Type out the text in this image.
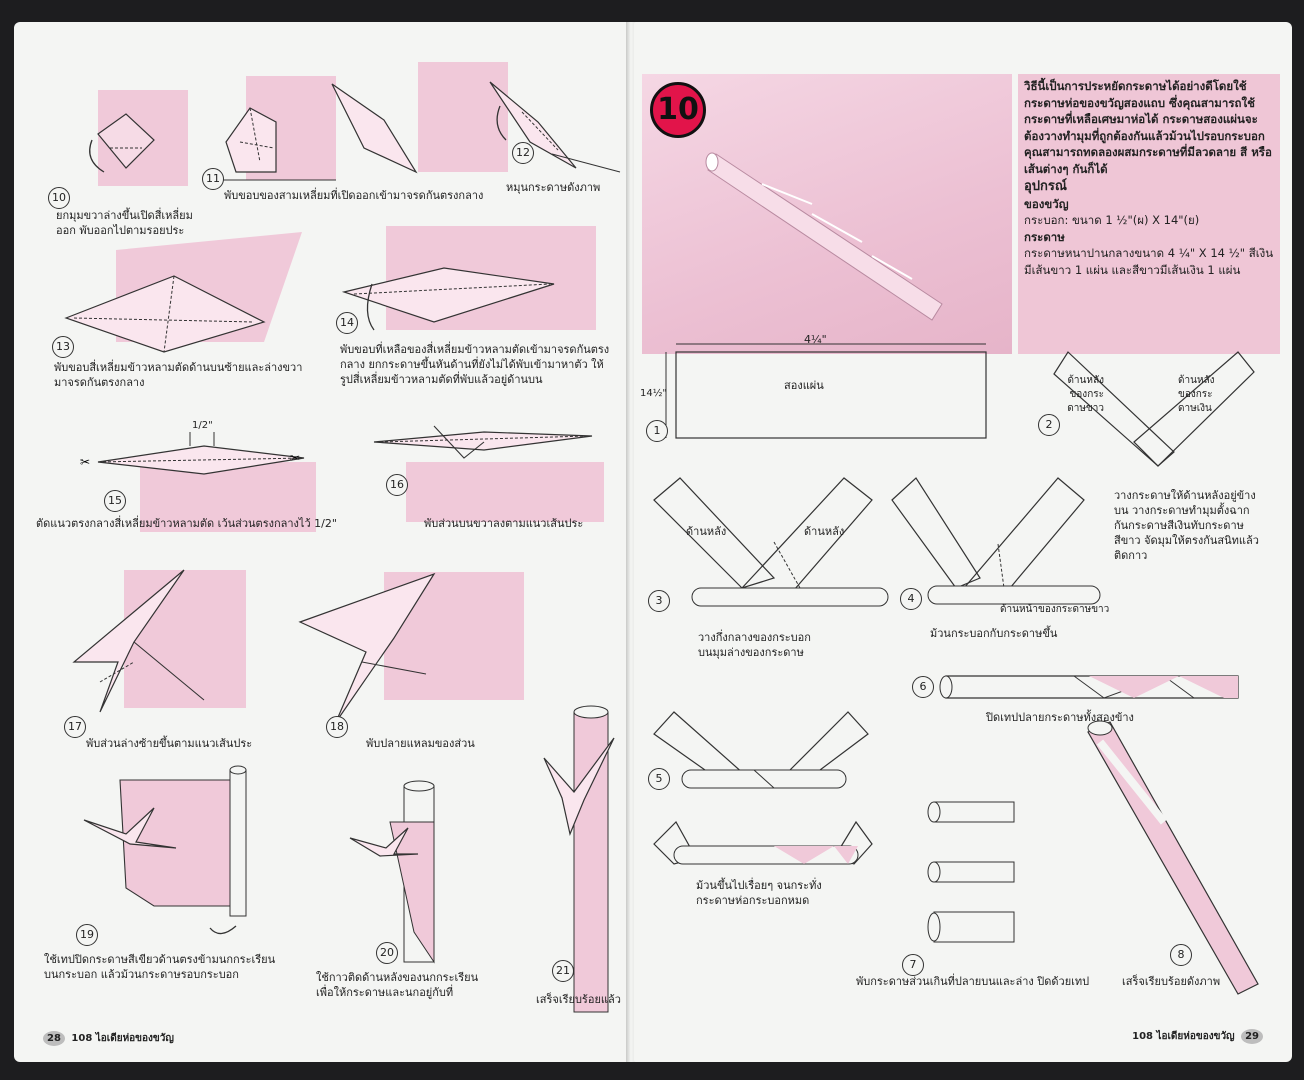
✂	✂
10
ยกมุมขวาล่างขึ้นเปิดสี่เหลี่ยม
ออก พับออกไปตามรอยประ
11
พับขอบของสามเหลี่ยมที่เปิดออกเข้ามาจรดกันตรงกลาง
12
หมุนกระดาษดังภาพ
13
พับขอบสี่เหลี่ยมข้าวหลามตัดด้านบนซ้ายและล่างขวา
มาจรดกันตรงกลาง
14
พับขอบที่เหลือของสี่เหลี่ยมข้าวหลามตัดเข้ามาจรดกันตรง
กลาง ยกกระดาษขึ้นหันด้านที่ยังไม่ได้พับเข้ามาหาตัว ให้
รูปสี่เหลี่ยมข้าวหลามตัดที่พับแล้วอยู่ด้านบน
1/2"
15
ตัดแนวตรงกลางสี่เหลี่ยมข้าวหลามตัด เว้นส่วนตรงกลางไว้ 1/2"
16
พับส่วนบนขวาลงตามแนวเส้นประ
17
พับส่วนล่างซ้ายขึ้นตามแนวเส้นประ
18
พับปลายแหลมของส่วน
19
ใช้เทปปิดกระดาษสีเขียวด้านตรงข้ามนกกระเรียน
บนกระบอก แล้วม้วนกระดาษรอบกระบอก
20
ใช้กาวติดด้านหลังของนกกระเรียน
เพื่อให้กระดาษและนกอยู่กับที่
21
เสร็จเรียบร้อยแล้ว
28 108 ไอเดียห่อของขวัญ
10
วิธีนี้เป็นการประหยัดกระดาษได้อย่างดีโดยใช้กระดาษห่อของขวัญสองแถบ ซึ่งคุณสามารถใช้กระดาษที่เหลือเศษมาห่อได้ กระดาษสองแผ่นจะต้องวางทำมุมที่ถูกต้องกันแล้วม้วนไปรอบกระบอก คุณสามารถทดลองผสมกระดาษที่มีลวดลาย สี หรือเส้นต่างๆ กันก็ได้
อุปกรณ์
ของขวัญ
กระบอก: ขนาด 1 ½"(ผ) X 14"(ย)
กระดาษ
กระดาษหนาปานกลางขนาด 4 ¼" X 14 ½" สีเงินมีเส้นขาว 1 แผ่น และสีขาวมีเส้นเงิน 1 แผ่น
4¼"
14½"
สองแผ่น
1
ด้านหลัง
ของกระ
ดาษขาว
ด้านหลัง
ของกระ
ดาษเงิน
2
วางกระดาษให้ด้านหลังอยู่ข้าง
บน วางกระดาษทำมุมตั้งฉาก
กันกระดาษสีเงินทับกระดาษ
สีขาว จัดมุมให้ตรงกันสนิทแล้ว
ติดกาว
ด้านหลัง	ด้านหลัง
3
วางกึ่งกลางของกระบอก
บนมุมล่างของกระดาษ
4
ด้านหน้าของกระดาษขาว
ม้วนกระบอกกับกระดาษขึ้น
6
ปิดเทปปลายกระดาษทั้งสองข้าง
5
ม้วนขึ้นไปเรื่อยๆ จนกระทั่ง
กระดาษห่อกระบอกหมด
7
พับกระดาษส่วนเกินที่ปลายบนและล่าง ปิดด้วยเทป
8
เสร็จเรียบร้อยดังภาพ
108 ไอเดียห่อของขวัญ 29
